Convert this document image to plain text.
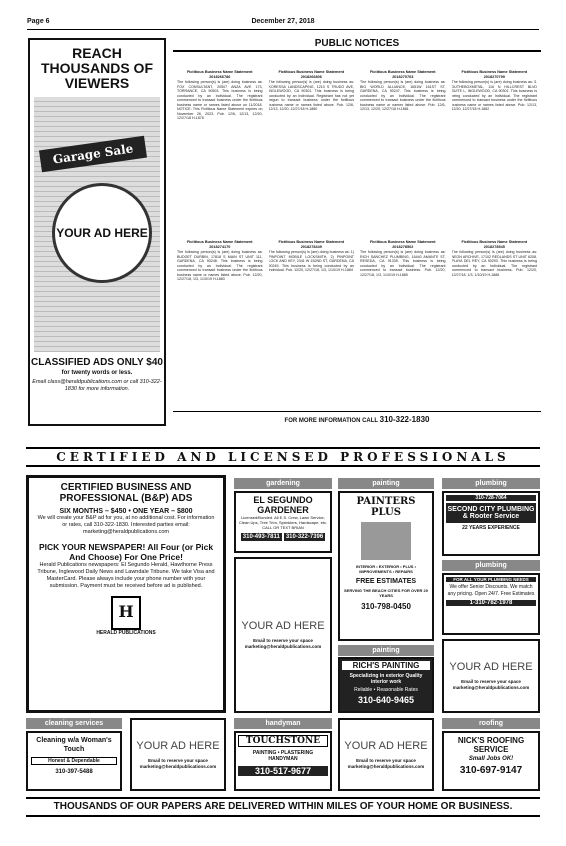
Page 6	December 27, 2018
REACH THOUSANDS OF VIEWERS
Garage Sale
YOUR AD HERE
CLASSIFIED ADS ONLY $40
for twenty words or less.
Email class@heraldpublications.com or call 310-322-1830 for more information.
PUBLIC NOTICES
Fictitious Business Name Statement
2018266786
The following person(s) is (are) doing business as: FOX CONSULTANT, 20507 ANZA AVE 173, TORRANCE, CA 90503. This business is being conducted by an Individual. The registrant commenced to transact business under the fictitious business name or names listed above on 11/2018. NOTICE: This Fictitious Name Statement expires on November 26, 2023. Pub. 12/6, 12/13, 12/20, 12/27/18 H-1878
Fictitious Business Name Statement
2018266806
The following person(s) is (are) doing business as: KORESSA LANDSCAPING, 1210 S TRUDO AVE, INGLEWOOD, CA 90301. This business is being conducted by an Individual. Registrant has not yet begun to transact business under the fictitious business name or names listed above. Pub. 12/6, 12/13, 12/20, 12/27/18 H-1880
Fictitious Business Name Statement
2018270763
The following person(s) is (are) doing business as: BIG WORLD ALLIANCE, 1651W 161ST ST, GARDENA, CA 90247. This business is being conducted by an Individual. The registrant commenced to transact business under the fictitious business name or names listed above. Pub. 12/6, 12/13, 12/20, 12/27/18 H-1881
Fictitious Business Name Statement
2018270799
The following person(s) is (are) doing business as: 3. OUTHEBOXMETAL, 116 N HILLCREST BLVD SUITE L, INGLEWOOD, CA 90301. This business is being conducted by an Individual. The registrant commenced to transact business under the fictitious business name or names listed above. Pub. 12/13, 12/20, 12/27/18 H-1882
Fictitious Business Name Statement
2018274170
The following person(s) is (are) doing business as: BUDGET DURBIN, 17818 S MAIN ST UNIT 111, GARDENA, CA 90248. This business is being conducted by an Individual. The registrant commenced to transact business under the fictitious business name or names listed above. Pub. 12/20, 12/27/18, 1/3, 1/10/19 H-1883
Fictitious Business Name Statement
2018278449
The following person(s) is (are) doing business as: 1) PINPOINT MOBILE LOCKSMITH, 2) PINPOINT LOCK AND KEY, 2341 W 152ND ST, GARDENA, CA 90249. This business is being conducted by an Individual. Pub. 12/20, 12/27/18, 1/3, 1/10/19 H-1884
Fictitious Business Name Statement
2018278502
The following person(s) is (are) doing business as: RICH SANCHEZ PLUMBING, 16440 AMANTE ST, RESEDA, CA 91335. This business is being conducted by an Individual. The registrant commenced to transact business. Pub. 12/20, 12/27/18, 1/3, 1/10/19 H-1885
Fictitious Business Name Statement
2018278545
The following person(s) is (are) doing business as: NEON ARCHIVE, 17102 REDLANDS ST UNIT 6208, PLAYA DEL REY, CA 90293. This business is being conducted by an Individual. The registrant commenced to transact business. Pub. 12/20, 12/27/18, 1/3, 1/10/19 H-1886
FOR MORE INFORMATION CALL 310-322-1830
CERTIFIED AND LICENSED PROFESSIONALS
CERTIFIED BUSINESS AND PROFESSIONAL (B&P) ADS
SIX MONTHS – $450 • ONE YEAR – $800
We will create your B&P ad for you, at no additional cost. For information or rates, call 310-322-1830. Interested parties email: marketing@heraldpublications.com
PICK YOUR NEWSPAPER! All Four (or Pick And Choose) For One Price!
Herald Publications newspapers: El Segundo Herald, Hawthorne Press Tribune, Inglewood Daily News and Lawndale Tribune. We take Visa and MasterCard. Please always include your phone number with your submission. Payment must be received before ad is published.
H
HERALD PUBLICATIONS
gardening	painting	plumbing
painting
plumbing
cleaning services	handyman	roofing
EL SEGUNDO GARDENER
Licensed/Bonded. All E.S. Crew, Lawn Service, Clean Ups, Tree Trim, Sprinklers, Hardscape, etc. CALL OR TEXT BRIAN
310-493-7811	310-322-7396
YOUR AD HERE
Email to reserve your space marketing@heraldpublications.com
PAINTERS PLUS
INTERIOR • EXTERIOR • PLUS • IMPROVEMENTS • REPAIRS
FREE ESTIMATES
SERVING THE BEACH CITIES FOR OVER 20 YEARS
310-798-0450
RICH'S PAINTING
Specializing in exterior Quality interior work
Reliable • Reasonable Rates
310-640-9465
310-728-7064
SECOND CITY PLUMBING & Rooter Service
22 YEARS EXPERIENCE
FOR ALL YOUR PLUMBING NEEDS
We offer Senior Discounts. We match any pricing. Open 24/7. Free Estimates
1-310-782-1978
YOUR AD HERE
Email to reserve your space marketing@heraldpublications.com
Cleaning w/a Woman's Touch
Honest & Dependable
310-397-5488
YOUR AD HERE
Email to reserve your space marketing@heraldpublications.com
TOUCHSTONE
PAINTING • PLASTERING HANDYMAN
310-517-9677
YOUR AD HERE
Email to reserve your space marketing@heraldpublications.com
NICK'S ROOFING SERVICE
Small Jobs OK!
310-697-9147
THOUSANDS OF OUR PAPERS ARE DELIVERED WITHIN MILES OF YOUR HOME OR BUSINESS.
